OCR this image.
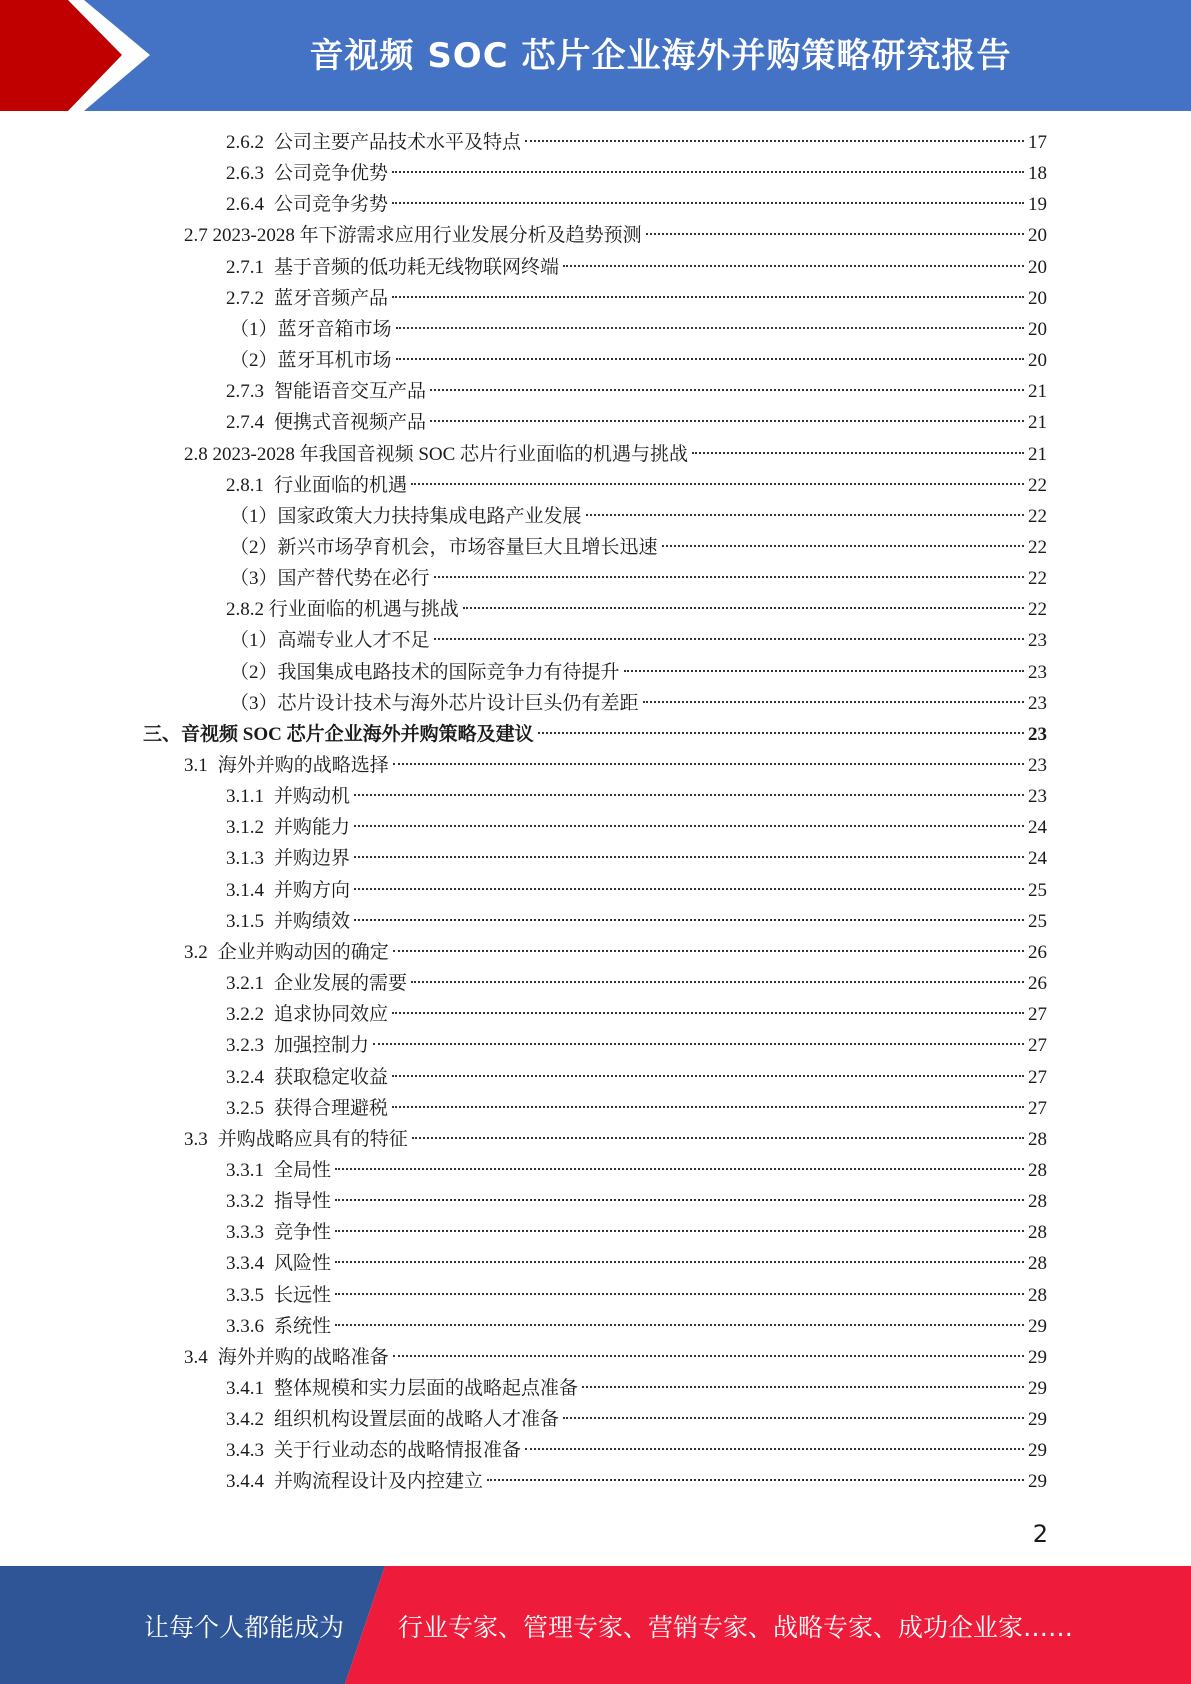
音视频 SOC 芯片企业海外并购策略研究报告
2.6.2 公司主要产品技术水平及特点	17
2.6.3 公司竞争优势	18
2.6.4 公司竞争劣势	19
2.7 2023-2028 年下游需求应用行业发展分析及趋势预测	20
2.7.1 基于音频的低功耗无线物联网终端	20
2.7.2 蓝牙音频产品	20
（1）蓝牙音箱市场	20
（2）蓝牙耳机市场	20
2.7.3 智能语音交互产品	21
2.7.4 便携式音视频产品	21
2.8 2023-2028 年我国音视频 SOC 芯片行业面临的机遇与挑战	21
2.8.1 行业面临的机遇	22
（1）国家政策大力扶持集成电路产业发展	22
（2）新兴市场孕育机会，市场容量巨大且增长迅速	22
（3）国产替代势在必行	22
2.8.2 行业面临的机遇与挑战	22
（1）高端专业人才不足	23
（2）我国集成电路技术的国际竞争力有待提升	23
（3）芯片设计技术与海外芯片设计巨头仍有差距	23
三、音视频 SOC 芯片企业海外并购策略及建议	23
3.1 海外并购的战略选择	23
3.1.1 并购动机	23
3.1.2 并购能力	24
3.1.3 并购边界	24
3.1.4 并购方向	25
3.1.5 并购绩效	25
3.2 企业并购动因的确定	26
3.2.1 企业发展的需要	26
3.2.2 追求协同效应	27
3.2.3 加强控制力	27
3.2.4 获取稳定收益	27
3.2.5 获得合理避税	27
3.3 并购战略应具有的特征	28
3.3.1 全局性	28
3.3.2 指导性	28
3.3.3 竞争性	28
3.3.4 风险性	28
3.3.5 长远性	28
3.3.6 系统性	29
3.4 海外并购的战略准备	29
3.4.1 整体规模和实力层面的战略起点准备	29
3.4.2 组织机构设置层面的战略人才准备	29
3.4.3 关于行业动态的战略情报准备	29
3.4.4 并购流程设计及内控建立	29
2
让每个人都能成为 行业专家、管理专家、营销专家、战略专家、成功企业家……
